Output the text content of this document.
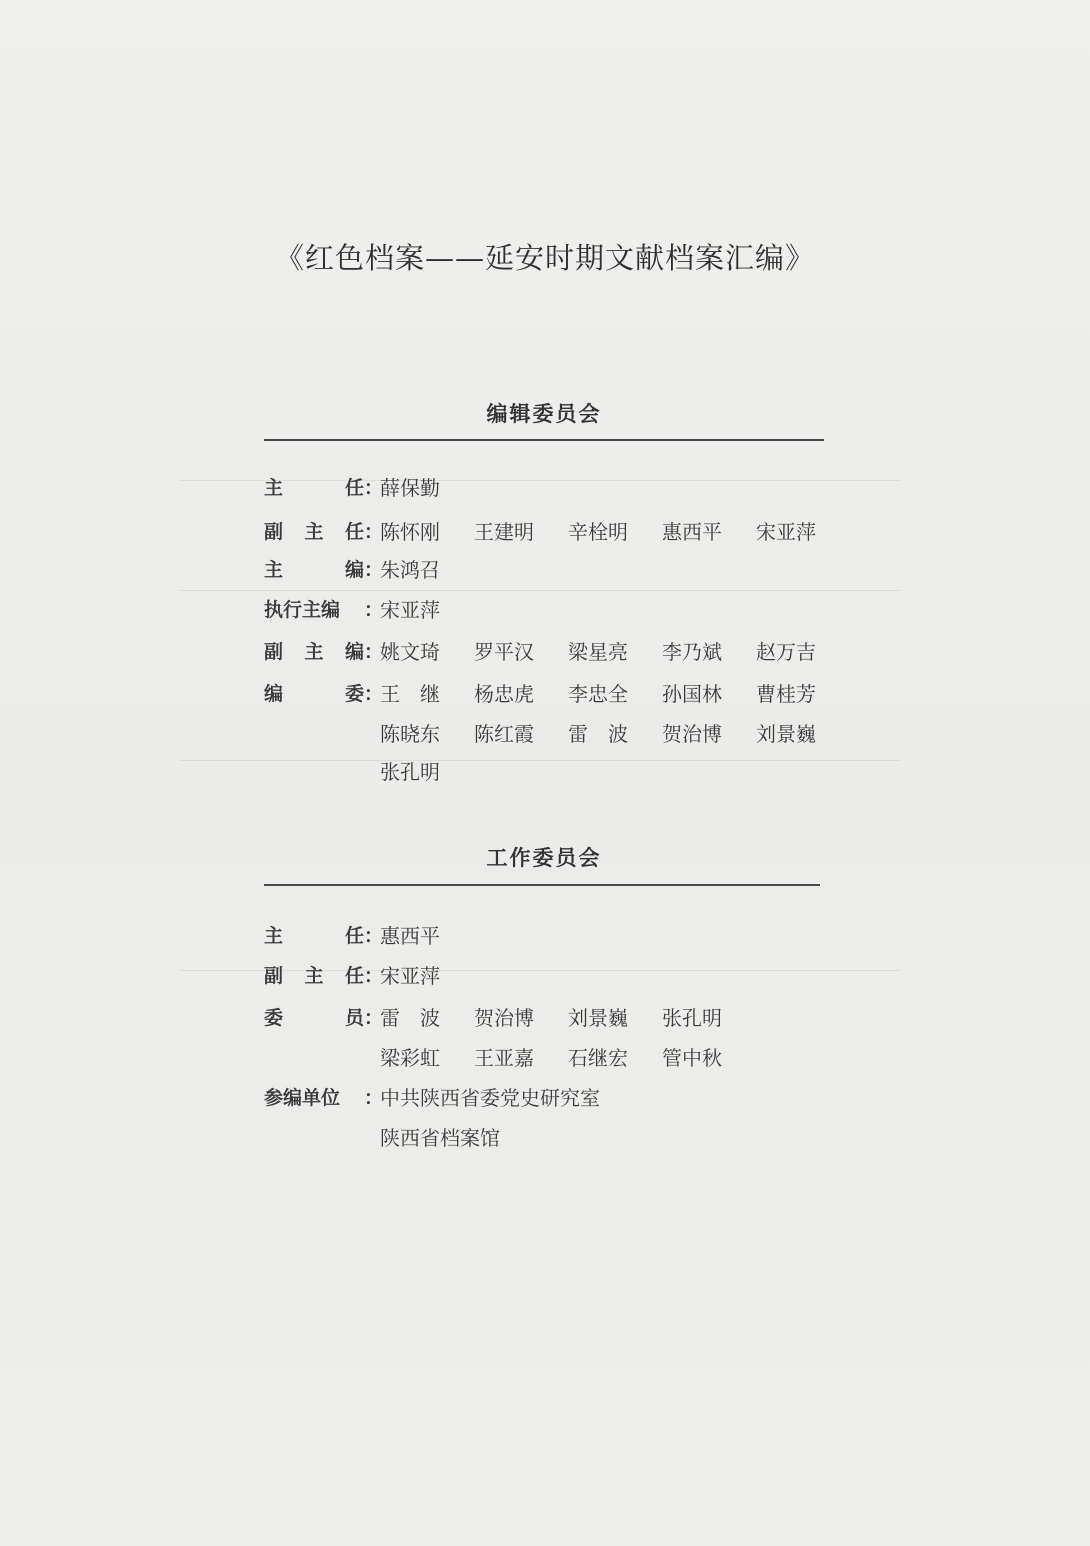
《红色档案——延安时期文献档案汇编》
编辑委员会
主任 ：
薛保勤
副主任 ：
陈怀刚 王建明 辛栓明 惠西平 宋亚萍
主编 ：
朱鸿召
执行主编	：
宋亚萍
副主编 ：
姚文琦 罗平汉 梁星亮 李乃斌 赵万吉
编委 ：
王　继 杨忠虎 李忠全 孙国林 曹桂芳
陈晓东 陈红霞 雷　波 贺治博 刘景巍
张孔明
工作委员会
主任 ：
惠西平
副主任 ：
宋亚萍
委员 ：
雷　波 贺治博 刘景巍 张孔明
梁彩虹 王亚嘉 石继宏 管中秋
参编单位	：
中共陕西省委党史研究室
陕西省档案馆
